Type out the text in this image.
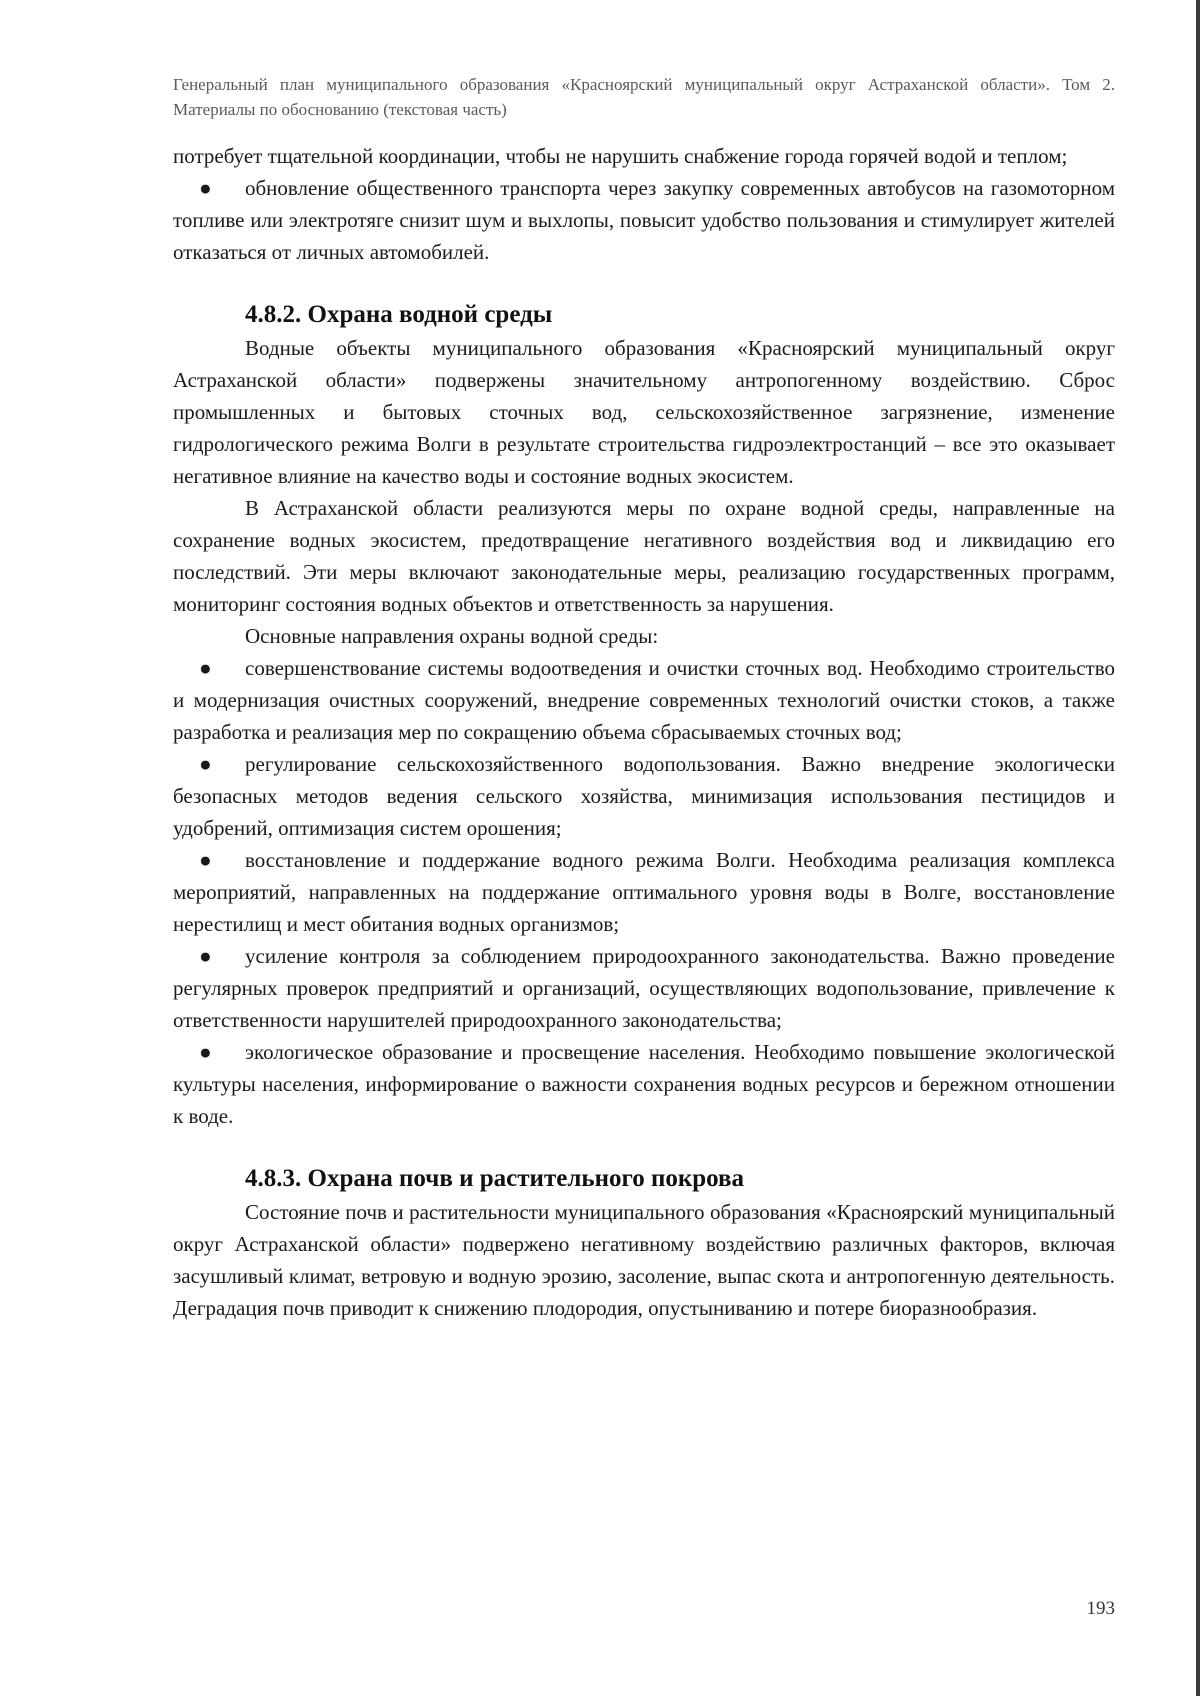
Генеральный план муниципального образования «Красноярский муниципальный округ Астраханской области». Том 2. Материалы по обоснованию (текстовая часть)

потребует тщательной координации, чтобы не нарушить снабжение города горячей водой и теплом;

● обновление общественного транспорта через закупку современных автобусов на газомоторном топливе или электротяге снизит шум и выхлопы, повысит удобство пользования и стимулирует жителей отказаться от личных автомобилей.

4.8.2. Охрана водной среды

Водные объекты муниципального образования «Красноярский муниципальный округ Астраханской области» подвержены значительному антропогенному воздействию. Сброс промышленных и бытовых сточных вод, сельскохозяйственное загрязнение, изменение гидрологического режима Волги в результате строительства гидроэлектростанций – все это оказывает негативное влияние на качество воды и состояние водных экосистем.

В Астраханской области реализуются меры по охране водной среды, направленные на сохранение водных экосистем, предотвращение негативного воздействия вод и ликвидацию его последствий. Эти меры включают законодательные меры, реализацию государственных программ, мониторинг состояния водных объектов и ответственность за нарушения.

Основные направления охраны водной среды:

● совершенствование системы водоотведения и очистки сточных вод. Необходимо строительство и модернизация очистных сооружений, внедрение современных технологий очистки стоков, а также разработка и реализация мер по сокращению объема сбрасываемых сточных вод;

● регулирование сельскохозяйственного водопользования. Важно внедрение экологически безопасных методов ведения сельского хозяйства, минимизация использования пестицидов и удобрений, оптимизация систем орошения;

● восстановление и поддержание водного режима Волги. Необходима реализация комплекса мероприятий, направленных на поддержание оптимального уровня воды в Волге, восстановление нерестилищ и мест обитания водных организмов;

● усиление контроля за соблюдением природоохранного законодательства. Важно проведение регулярных проверок предприятий и организаций, осуществляющих водопользование, привлечение к ответственности нарушителей природоохранного законодательства;

● экологическое образование и просвещение населения. Необходимо повышение экологической культуры населения, информирование о важности сохранения водных ресурсов и бережном отношении к воде.

4.8.3. Охрана почв и растительного покрова

Состояние почв и растительности муниципального образования «Красноярский муниципальный округ Астраханской области» подвержено негативному воздействию различных факторов, включая засушливый климат, ветровую и водную эрозию, засоление, выпас скота и антропогенную деятельность. Деградация почв приводит к снижению плодородия, опустыниванию и потере биоразнообразия.

193
